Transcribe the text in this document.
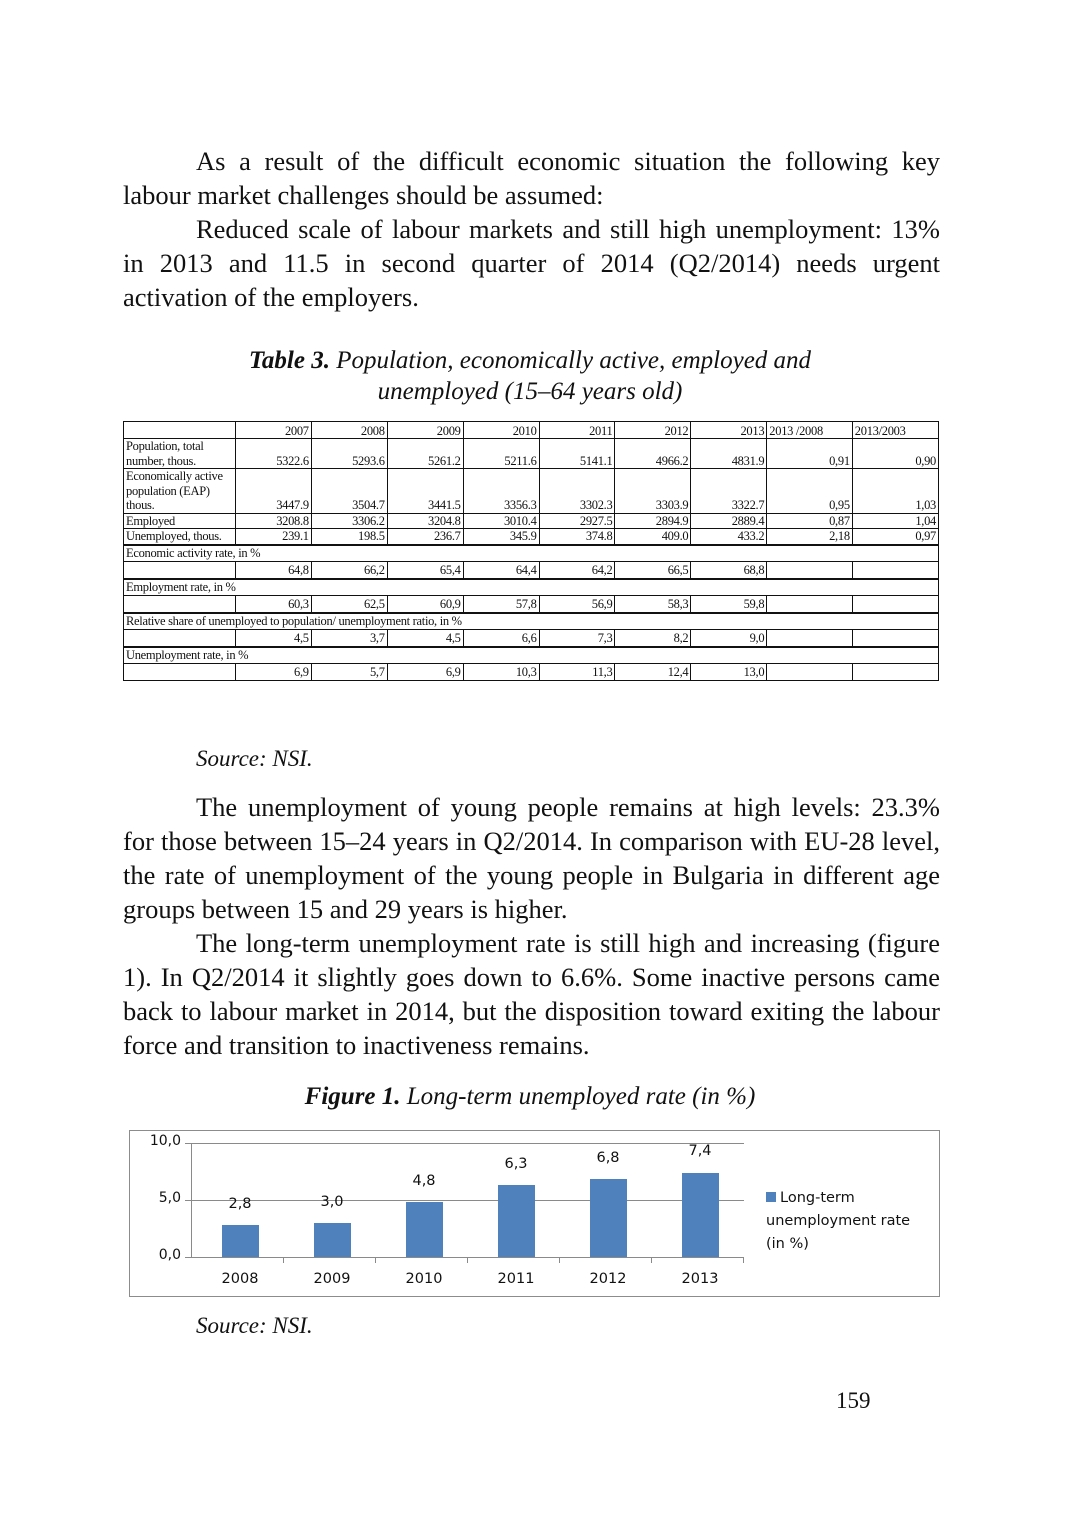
As a result of the difficult economic situation the following key labour market challenges should be assumed:

Reduced scale of labour markets and still high unemployment: 13% in 2013 and 11.5 in second quarter of 2014 (Q2/2014) needs urgent activation of the employers.

Table 3. Population, economically active, employed and unemployed (15–64 years old)

	2007	2008	2009	2010	2011	2012	2013	2013 /2008	2013/2003
Population, total number, thous.	5322.6	5293.6	5261.2	5211.6	5141.1	4966.2	4831.9	0,91	0,90
Economically active population (EAP) thous.	3447.9	3504.7	3441.5	3356.3	3302.3	3303.9	3322.7	0,95	1,03
Employed	3208.8	3306.2	3204.8	3010.4	2927.5	2894.9	2889.4	0,87	1,04
Unemployed, thous.	239.1	198.5	236.7	345.9	374.8	409.0	433.2	2,18	0,97
Economic activity rate, in %									
	64,8	66,2	65,4	64,4	64,2	66,5	68,8		
Employment rate, in %									
	60,3	62,5	60,9	57,8	56,9	58,3	59,8		
Relative share of unemployed to population/ unemployment ratio, in %									
	4,5	3,7	4,5	6,6	7,3	8,2	9,0		
Unemployment rate, in %									
	6,9	5,7	6,9	10,3	11,3	12,4	13,0		
Source: NSI.

The unemployment of young people remains at high levels: 23.3% for those between 15–24 years in Q2/2014. In comparison with EU-28 level, the rate of unemployment of the young people in Bulgaria in different age groups between 15 and 29 years is higher.

The long-term unemployment rate is still high and increasing (figure 1). In Q2/2014 it slightly goes down to 6.6%. Some inactive persons came back to labour market in 2014, but the disposition toward exiting the labour force and transition to inactiveness remains.

Figure 1. Long-term unemployed rate (in %)

10,0
5,0
0,0
2,8	3,0
4,8
6,3	6,8	7,4
2008	2009	2010	2011	2012	2013
Long-term
unemployment rate
(in %)
Source: NSI.
159
